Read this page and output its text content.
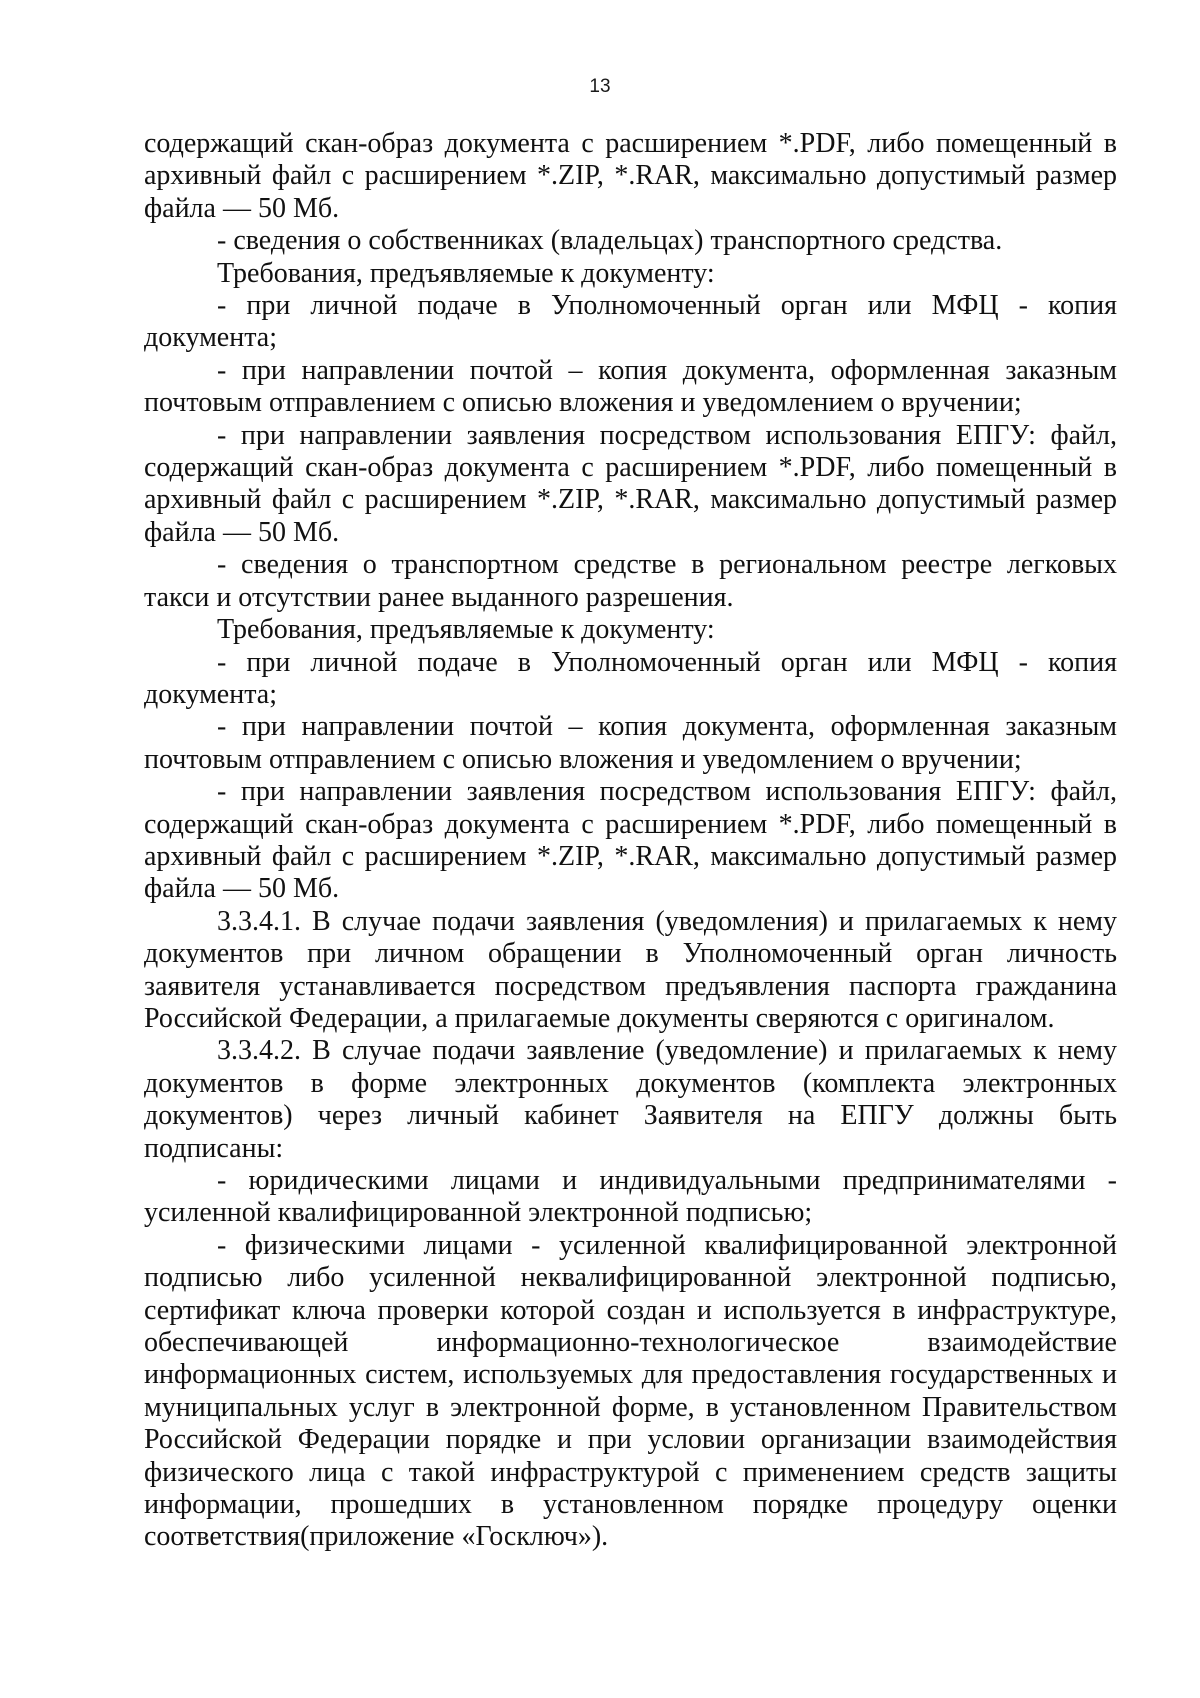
13

содержащий скан-образ документа с расширением *.PDF, либо помещенный в архивный файл с расширением *.ZIP, *.RAR, максимально допустимый размер файла — 50 Мб.

- сведения о собственниках (владельцах) транспортного средства.

Требования, предъявляемые к документу:

- при личной подаче в Уполномоченный орган или МФЦ - копия документа;

- при направлении почтой – копия документа, оформленная заказным почтовым отправлением с описью вложения и уведомлением о вручении;

- при направлении заявления посредством использования ЕПГУ: файл, содержащий скан-образ документа с расширением *.PDF, либо помещенный в архивный файл с расширением *.ZIP, *.RAR, максимально допустимый размер файла — 50 Мб.

- сведения о транспортном средстве в региональном реестре легковых такси и отсутствии ранее выданного разрешения.

Требования, предъявляемые к документу:

- при личной подаче в Уполномоченный орган или МФЦ - копия документа;

- при направлении почтой – копия документа, оформленная заказным почтовым отправлением с описью вложения и уведомлением о вручении;

- при направлении заявления посредством использования ЕПГУ: файл, содержащий скан-образ документа с расширением *.PDF, либо помещенный в архивный файл с расширением *.ZIP, *.RAR, максимально допустимый размер файла — 50 Мб.

3.3.4.1. В случае подачи заявления (уведомления) и прилагаемых к нему документов при личном обращении в Уполномоченный орган личность заявителя устанавливается посредством предъявления паспорта гражданина Российской Федерации, а прилагаемые документы сверяются с оригиналом.

3.3.4.2. В случае подачи заявление (уведомление) и прилагаемых к нему документов в форме электронных документов (комплекта электронных документов) через личный кабинет Заявителя на ЕПГУ должны быть подписаны:

- юридическими лицами и индивидуальными предпринимателями - усиленной квалифицированной электронной подписью;

- физическими лицами - усиленной квалифицированной электронной подписью либо усиленной неквалифицированной электронной подписью, сертификат ключа проверки которой создан и используется в инфраструктуре, обеспечивающей информационно-технологическое взаимодействие информационных систем, используемых для предоставления государственных и муниципальных услуг в электронной форме, в установленном Правительством Российской Федерации порядке и при условии организации взаимодействия физического лица с такой инфраструктурой с применением средств защиты информации, прошедших в установленном порядке процедуру оценки соответствия(приложение «Госключ»).
